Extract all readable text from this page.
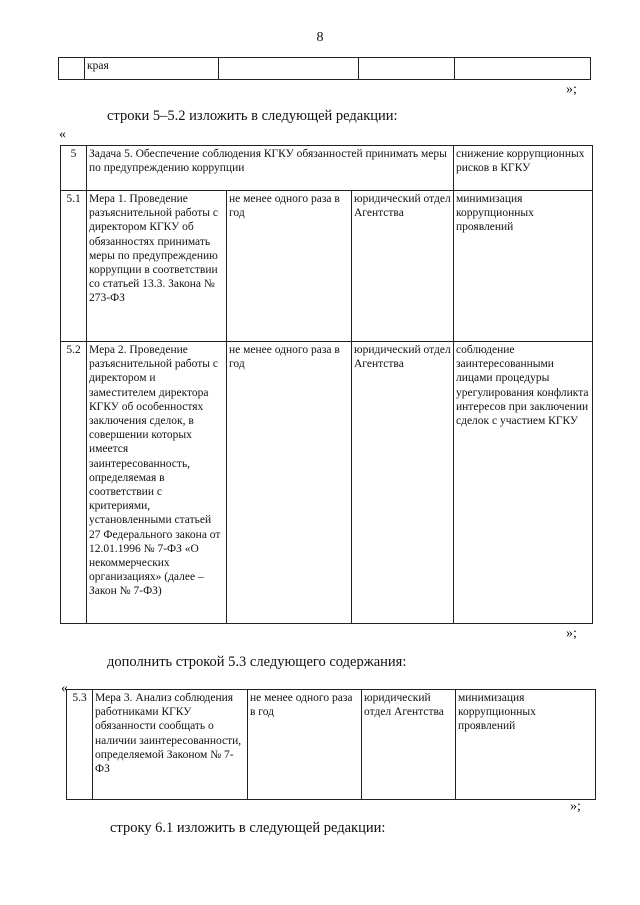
8
	края			
»;
строки 5–5.2 изложить в следующей редакции:
«
5	Задача 5. Обеспечение соблюдения КГКУ обязанностей принимать меры по предупреждению коррупции			снижение коррупционных рисков в КГКУ
5.1	Мера 1. Проведение разъяснительной работы с директором КГКУ об обязанностях принимать меры по предупреждению коррупции в соответствии со статьей 13.3. Закона № 273-ФЗ	не менее одного раза в год	юридический отдел Агентства	минимизация коррупционных проявлений
5.2	Мера 2. Проведение разъяснительной работы с директором и заместителем директора КГКУ об особенностях заключения сделок, в совершении которых имеется заинтересованность, определяемая в соответствии с критериями, установленными статьей 27 Федерального закона от 12.01.1996 № 7-ФЗ «О некоммерческих организациях» (далее – Закон № 7-ФЗ)	не менее одного раза в год	юридический отдел Агентства	соблюдение заинтересованными лицами процедуры урегулирования конфликта интересов при заключении сделок с участием КГКУ
»;
дополнить строкой 5.3 следующего содержания:
«
5.3	Мера 3. Анализ соблюдения работниками КГКУ обязанности сообщать о наличии заинтересованности, определяемой Законом № 7-ФЗ	не менее одного раза в год	юридический отдел Агентства	минимизация коррупционных проявлений
»;
строку 6.1 изложить в следующей редакции:
